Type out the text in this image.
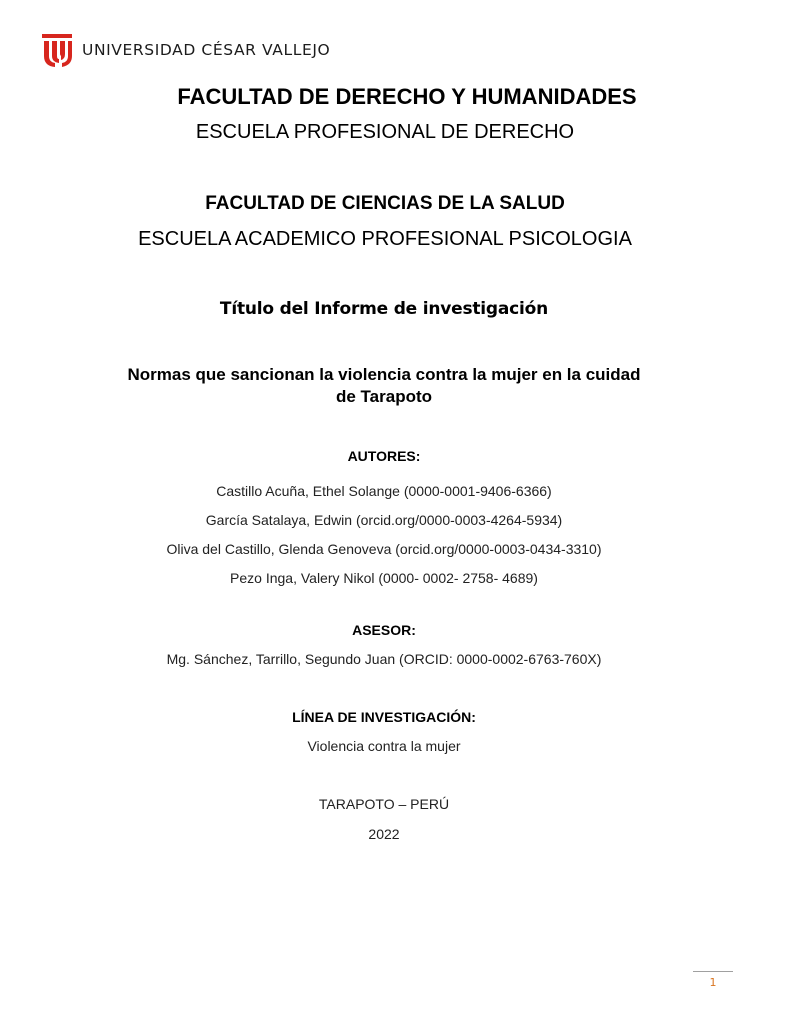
UNIVERSIDAD CÉSAR VALLEJO
FACULTAD DE DERECHO Y HUMANIDADES
ESCUELA PROFESIONAL DE DERECHO
FACULTAD DE CIENCIAS DE LA SALUD
ESCUELA ACADEMICO PROFESIONAL PSICOLOGIA
Título del Informe de investigación
Normas que sancionan la violencia contra la mujer en la cuidad
de Tarapoto
AUTORES:
Castillo Acuña, Ethel Solange (0000-0001-9406-6366)
García Satalaya, Edwin (orcid.org/0000-0003-4264-5934)
Oliva del Castillo, Glenda Genoveva (orcid.org/0000-0003-0434-3310)
Pezo Inga, Valery Nikol (0000- 0002- 2758- 4689)
ASESOR:
Mg. Sánchez, Tarrillo, Segundo Juan (ORCID: 0000-0002-6763-760X)
LÍNEA DE INVESTIGACIÓN:
Violencia contra la mujer
TARAPOTO – PERÚ
2022
1
